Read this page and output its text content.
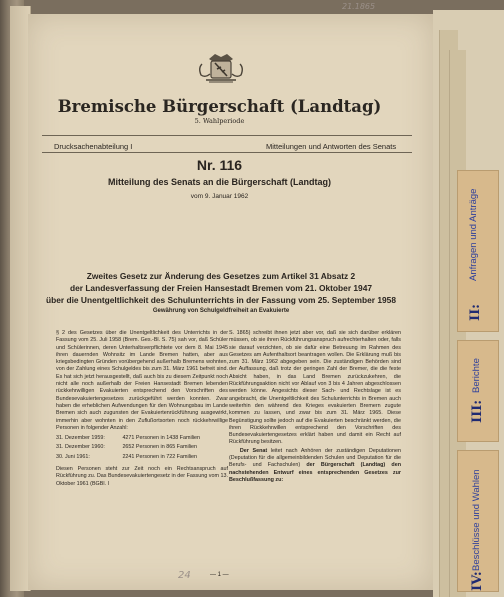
II:
Anfragen und Anträge
III:
Berichte
IV:
Beschlüsse und Wahlen
21.1865
24
Bremische Bürgerschaft (Landtag)
5. Wahlperiode
Drucksachenabteilung I	Mitteilungen und Antworten des Senats
Nr. 116
Mitteilung des Senats an die Bürgerschaft (Landtag)
vom 9. Januar 1962
Zweites Gesetz zur Änderung des Gesetzes zum Artikel 31 Absatz 2
der Landesverfassung der Freien Hansestadt Bremen vom 21. Oktober 1947
über die Unentgeltlichkeit des Schulunterrichts in der Fassung vom 25. September 1958
Gewährung von Schulgeldfreiheit an Evakuierte

§ 2 des Gesetzes über die Unentgeltlichkeit des Unterrichts in der Fassung vom 25. Juli 1958 (Brem. Ges.-Bl. S. 75) sah vor, daß Schüler und Schülerinnen, deren Unterhaltsverpflichtete vor dem 8. Mai 1945 ihren dauernden Wohnsitz im Lande Bremen hatten, aber aus kriegsbedingten Gründen vorübergehend außerhalb Bremens wohnten, von der Zahlung eines Schulgeldes bis zum 31. März 1961 befreit sind. Es hat sich jetzt herausgestellt, daß auch bis zu diesem Zeitpunkt noch nicht alle noch außerhalb der Freien Hansestadt Bremen lebenden rückkehrwilligen Evakuierten entsprechend den Vorschriften des Bundesevakuiertengesetzes zurückgeführt werden konnten. Zwar haben die erheblichen Aufwendungen für den Wohnungsbau im Lande Bremen sich auch zugunsten der Evakuiertenrückführung ausgewirkt, immerhin aber wohnten in den Zuflußortsorten noch rückkehrwillige Personen in folgender Anzahl:

31. Dezember 1959:	4271 Personen in 1438 Familien
31. Dezember 1960:	2652 Personen in 865 Familien
30. Juni 1961:	2241 Personen in 722 Familien

Diesen Personen steht zur Zeit noch ein Rechtsanspruch auf Rückführung zu. Das Bundesevakuiertengesetz in der Fassung vom 13. Oktober 1961 (BGBl. I

S. 1865) schreibt ihnen jetzt aber vor, daß sie sich darüber erklären müssen, ob sie ihren Rückführungsanspruch aufrechterhalten oder, falls sie darauf verzichten, ob sie dafür eine Betreuung im Rahmen des Gesetzes am Aufenthaltsort beantragen wollen. Die Erklärung muß bis zum 31. März 1962 abgegeben sein. Die zuständigen Behörden sind der Auffassung, daß trotz der geringen Zahl der Bremer, die die feste Absicht haben, in das Land Bremen zurückzukehren, die Rückführungsaktion nicht vor Ablauf von 3 bis 4 Jahren abgeschlossen werden könne. Angesichts dieser Sach- und Rechtslage ist es angebracht, die Unentgeltlichkeit des Schulunterrichts in Bremen auch weiterhin den während des Krieges evakuierten Bremern zugute kommen zu lassen, und zwar bis zum 31. März 1965. Diese Begünstigung sollte jedoch auf die Evakuierten beschränkt werden, die ihren Rückkehrwillen entsprechend den Vorschriften des Bundesevakuiertengesetzes erklärt haben und damit ein Recht auf Rückführung besitzen.

Der Senat leitet nach Anhören der zuständigen Deputationen (Deputation für die allgemeinbildenden Schulen und Deputation für die Berufs- und Fachschulen) der Bürgerschaft (Landtag) den nachstehenden Entwurf eines entsprechenden Gesetzes zur Beschlußfassung zu:

— 1 —
